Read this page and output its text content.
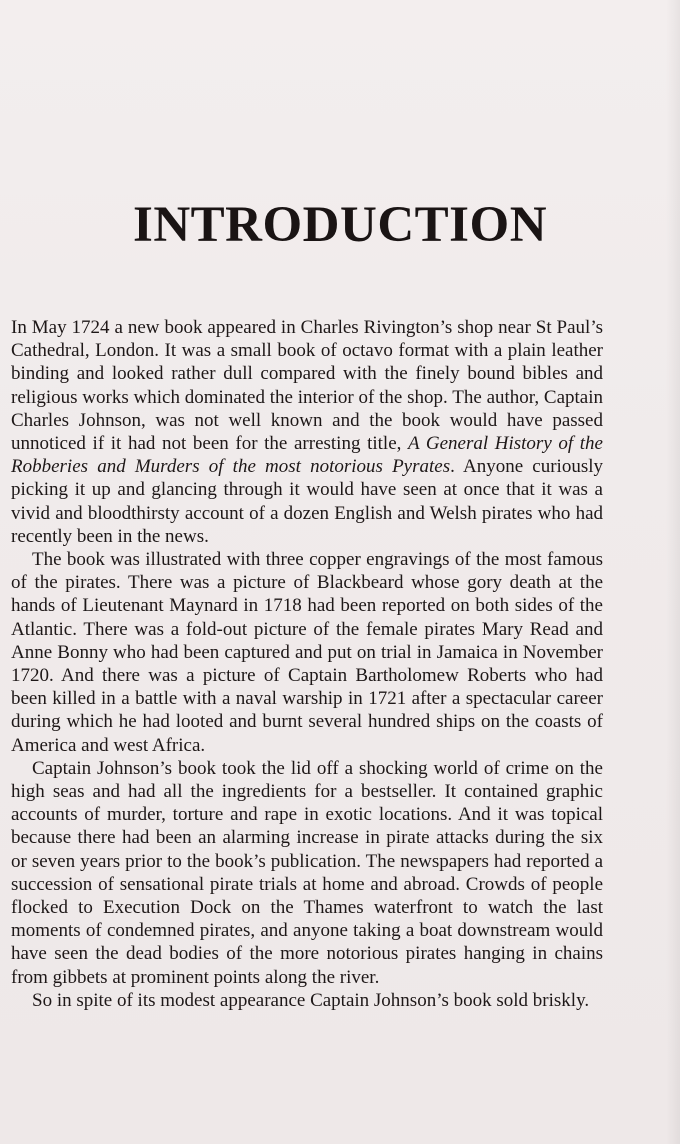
INTRODUCTION

In May 1724 a new book appeared in Charles Rivington’s shop near St Paul’s Cathedral, London. It was a small book of octavo format with a plain leather binding and looked rather dull compared with the finely bound bibles and religious works which dominated the interior of the shop. The author, Captain Charles Johnson, was not well known and the book would have passed unnoticed if it had not been for the arresting title, A General History of the Robberies and Murders of the most notorious Pyrates. Anyone curiously picking it up and glancing through it would have seen at once that it was a vivid and bloodthirsty account of a dozen English and Welsh pirates who had recently been in the news.

The book was illustrated with three copper engravings of the most famous of the pirates. There was a picture of Blackbeard whose gory death at the hands of Lieutenant Maynard in 1718 had been reported on both sides of the Atlantic. There was a fold-out picture of the female pirates Mary Read and Anne Bonny who had been captured and put on trial in Jamaica in November 1720. And there was a picture of Captain Bartholomew Roberts who had been killed in a battle with a naval warship in 1721 after a spectacular career during which he had looted and burnt several hundred ships on the coasts of America and west Africa.

Captain Johnson’s book took the lid off a shocking world of crime on the high seas and had all the ingredients for a bestseller. It contained graphic accounts of murder, torture and rape in exotic locations. And it was topical because there had been an alarming increase in pirate attacks during the six or seven years prior to the book’s publication. The newspapers had reported a succession of sensational pirate trials at home and abroad. Crowds of people flocked to Execution Dock on the Thames waterfront to watch the last moments of condemned pirates, and anyone taking a boat downstream would have seen the dead bodies of the more notorious pirates hanging in chains from gibbets at prominent points along the river.

So in spite of its modest appearance Captain Johnson’s book sold briskly.
